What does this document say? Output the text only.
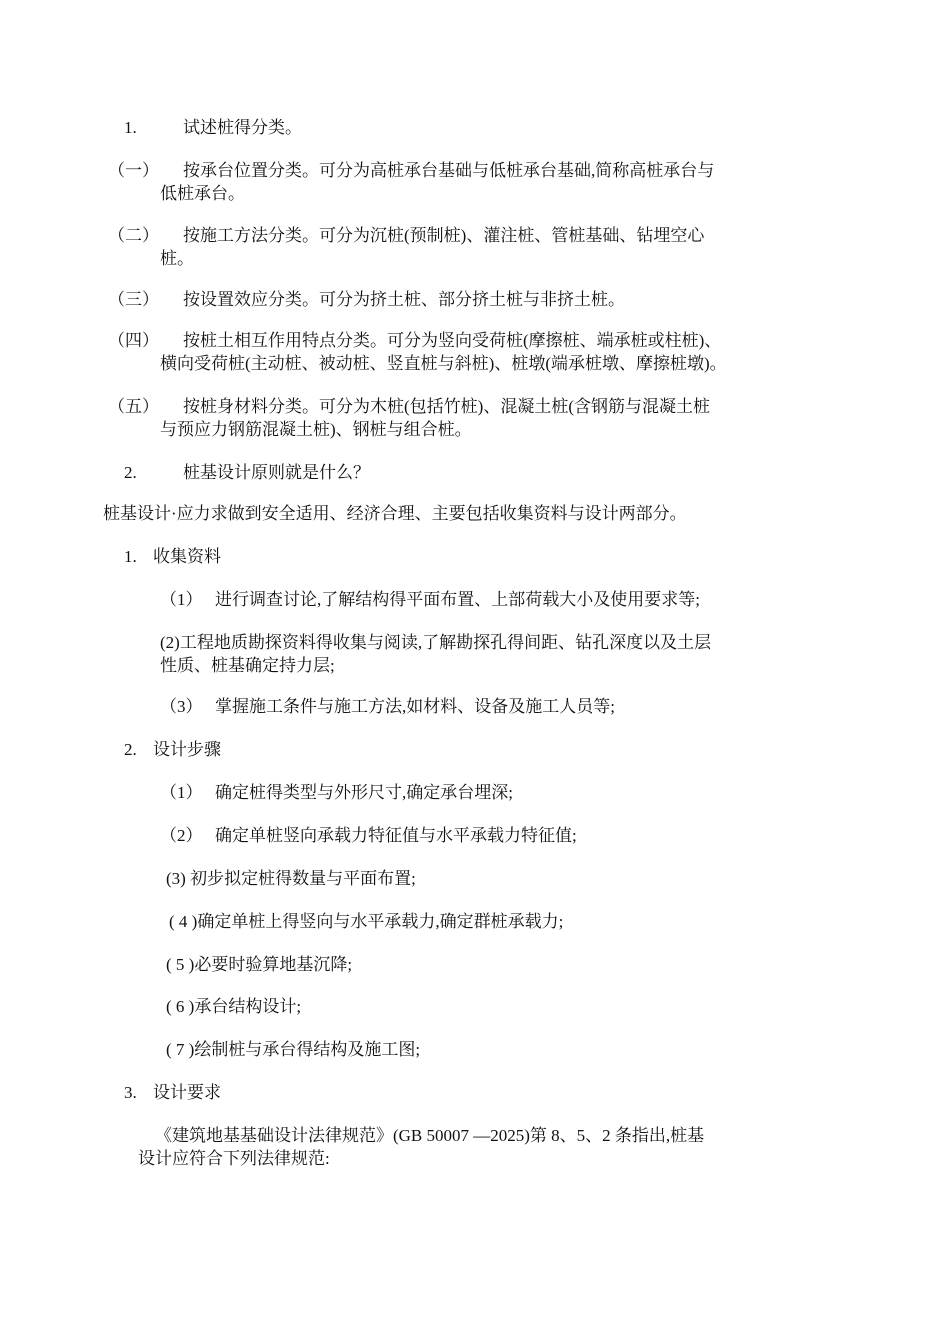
1.	试述桩得分类。
（一） 按承台位置分类。可分为高桩承台基础与低桩承台基础,简称高桩承台与
低桩承台。
（二） 按施工方法分类。可分为沉桩(预制桩)、灌注桩、管桩基础、钻埋空心
桩。
（三） 按设置效应分类。可分为挤土桩、部分挤土桩与非挤土桩。
（四） 按桩土相互作用特点分类。可分为竖向受荷桩(摩擦桩、端承桩或柱桩)、
横向受荷桩(主动桩、被动桩、竖直桩与斜桩)、桩墩(端承桩墩、摩擦桩墩)。
（五） 按桩身材料分类。可分为木桩(包括竹桩)、混凝土桩(含钢筋与混凝土桩
与预应力钢筋混凝土桩)、钢桩与组合桩。
2.	桩基设计原则就是什么？
桩基设计·应力求做到安全适用、经济合理、主要包括收集资料与设计两部分。
1. 收集资料
（1） 进行调查讨论,了解结构得平面布置、上部荷载大小及使用要求等;
(2)工程地质勘探资料得收集与阅读,了解勘探孔得间距、钻孔深度以及土层
性质、桩基确定持力层;
（3） 掌握施工条件与施工方法,如材料、设备及施工人员等;
2. 设计步骤
（1） 确定桩得类型与外形尺寸,确定承台埋深;
（2） 确定单桩竖向承载力特征值与水平承载力特征值;
(3) 初步拟定桩得数量与平面布置;
( 4 )确定单桩上得竖向与水平承载力,确定群桩承载力;
( 5 )必要时验算地基沉降;
( 6 )承台结构设计;
( 7 )绘制桩与承台得结构及施工图;
3. 设计要求
《建筑地基基础设计法律规范》(GB 50007 —2025)第 8、5、2 条指出,桩基
设计应符合下列法律规范:
